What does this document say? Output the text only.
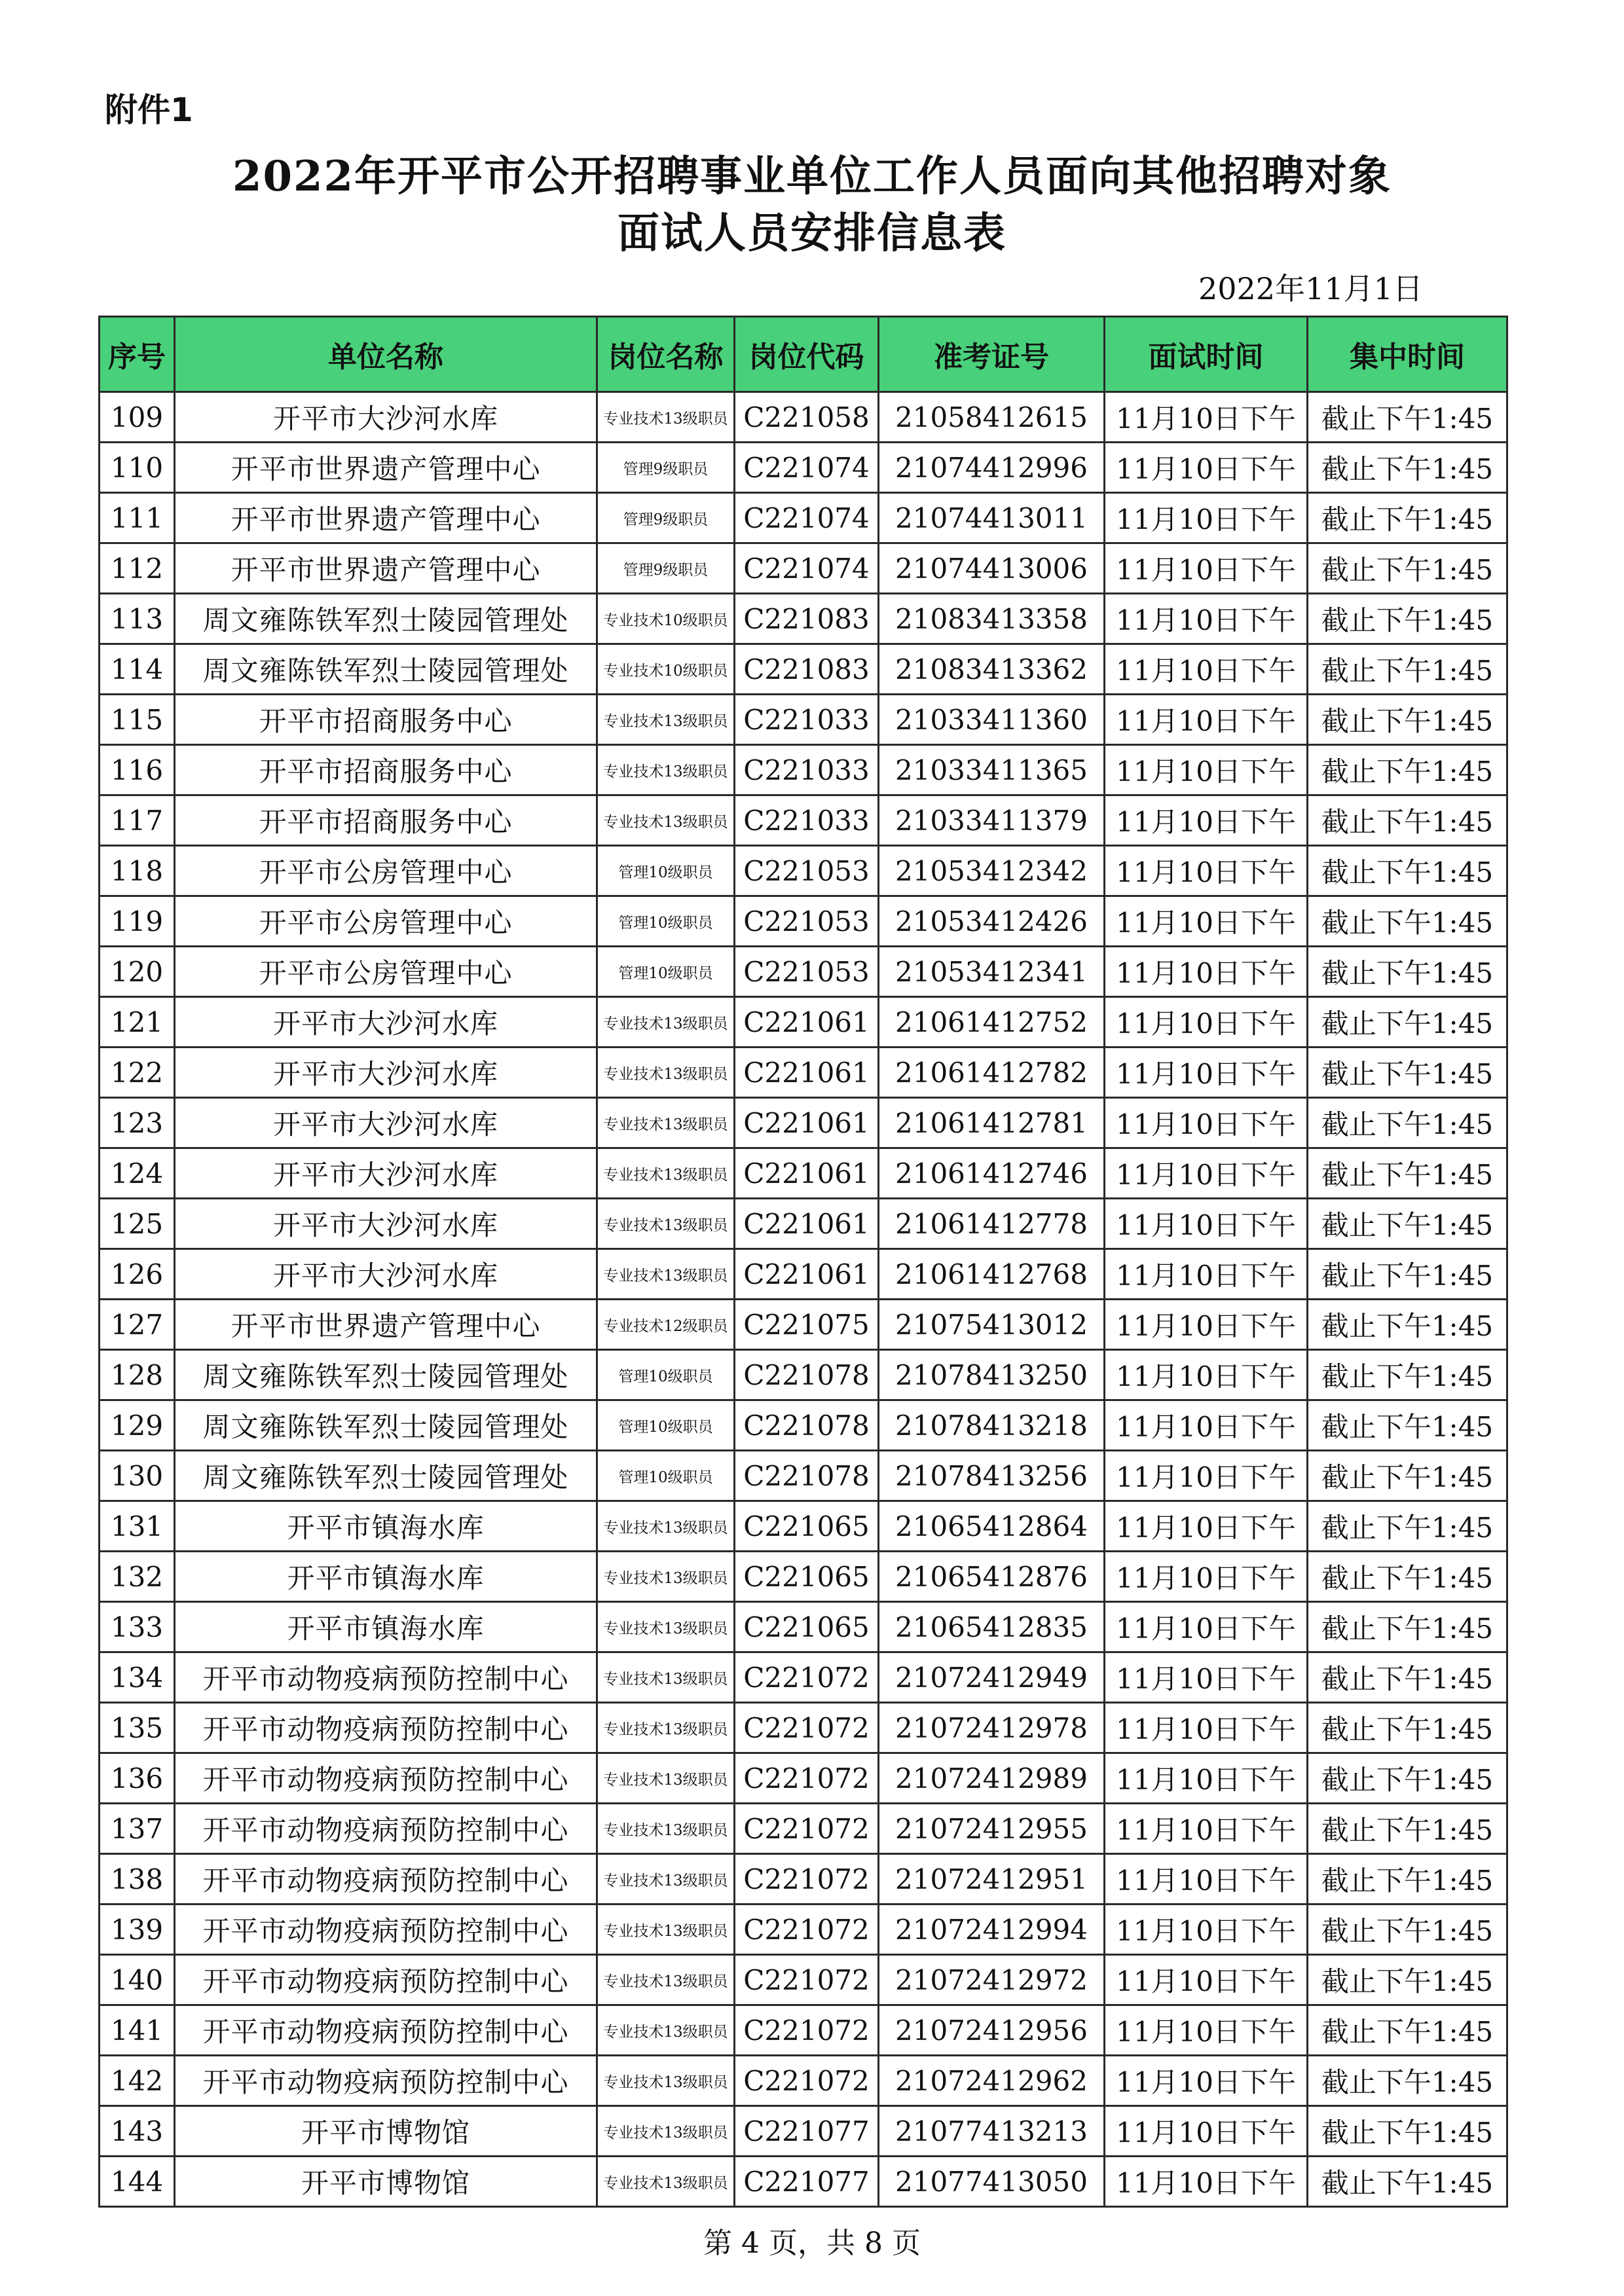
附件1
2022年开平市公开招聘事业单位工作人员面向其他招聘对象
面试人员安排信息表
2022年11月1日
序号	单位名称	岗位名称	岗位代码	准考证号	面试时间	集中时间
109	开平市大沙河水库	专业技术13级职员	C221058	21058412615	11月10日下午	截止下午1:45
110	开平市世界遗产管理中心	管理9级职员	C221074	21074412996	11月10日下午	截止下午1:45
111	开平市世界遗产管理中心	管理9级职员	C221074	21074413011	11月10日下午	截止下午1:45
112	开平市世界遗产管理中心	管理9级职员	C221074	21074413006	11月10日下午	截止下午1:45
113	周文雍陈铁军烈士陵园管理处	专业技术10级职员	C221083	21083413358	11月10日下午	截止下午1:45
114	周文雍陈铁军烈士陵园管理处	专业技术10级职员	C221083	21083413362	11月10日下午	截止下午1:45
115	开平市招商服务中心	专业技术13级职员	C221033	21033411360	11月10日下午	截止下午1:45
116	开平市招商服务中心	专业技术13级职员	C221033	21033411365	11月10日下午	截止下午1:45
117	开平市招商服务中心	专业技术13级职员	C221033	21033411379	11月10日下午	截止下午1:45
118	开平市公房管理中心	管理10级职员	C221053	21053412342	11月10日下午	截止下午1:45
119	开平市公房管理中心	管理10级职员	C221053	21053412426	11月10日下午	截止下午1:45
120	开平市公房管理中心	管理10级职员	C221053	21053412341	11月10日下午	截止下午1:45
121	开平市大沙河水库	专业技术13级职员	C221061	21061412752	11月10日下午	截止下午1:45
122	开平市大沙河水库	专业技术13级职员	C221061	21061412782	11月10日下午	截止下午1:45
123	开平市大沙河水库	专业技术13级职员	C221061	21061412781	11月10日下午	截止下午1:45
124	开平市大沙河水库	专业技术13级职员	C221061	21061412746	11月10日下午	截止下午1:45
125	开平市大沙河水库	专业技术13级职员	C221061	21061412778	11月10日下午	截止下午1:45
126	开平市大沙河水库	专业技术13级职员	C221061	21061412768	11月10日下午	截止下午1:45
127	开平市世界遗产管理中心	专业技术12级职员	C221075	21075413012	11月10日下午	截止下午1:45
128	周文雍陈铁军烈士陵园管理处	管理10级职员	C221078	21078413250	11月10日下午	截止下午1:45
129	周文雍陈铁军烈士陵园管理处	管理10级职员	C221078	21078413218	11月10日下午	截止下午1:45
130	周文雍陈铁军烈士陵园管理处	管理10级职员	C221078	21078413256	11月10日下午	截止下午1:45
131	开平市镇海水库	专业技术13级职员	C221065	21065412864	11月10日下午	截止下午1:45
132	开平市镇海水库	专业技术13级职员	C221065	21065412876	11月10日下午	截止下午1:45
133	开平市镇海水库	专业技术13级职员	C221065	21065412835	11月10日下午	截止下午1:45
134	开平市动物疫病预防控制中心	专业技术13级职员	C221072	21072412949	11月10日下午	截止下午1:45
135	开平市动物疫病预防控制中心	专业技术13级职员	C221072	21072412978	11月10日下午	截止下午1:45
136	开平市动物疫病预防控制中心	专业技术13级职员	C221072	21072412989	11月10日下午	截止下午1:45
137	开平市动物疫病预防控制中心	专业技术13级职员	C221072	21072412955	11月10日下午	截止下午1:45
138	开平市动物疫病预防控制中心	专业技术13级职员	C221072	21072412951	11月10日下午	截止下午1:45
139	开平市动物疫病预防控制中心	专业技术13级职员	C221072	21072412994	11月10日下午	截止下午1:45
140	开平市动物疫病预防控制中心	专业技术13级职员	C221072	21072412972	11月10日下午	截止下午1:45
141	开平市动物疫病预防控制中心	专业技术13级职员	C221072	21072412956	11月10日下午	截止下午1:45
142	开平市动物疫病预防控制中心	专业技术13级职员	C221072	21072412962	11月10日下午	截止下午1:45
143	开平市博物馆	专业技术13级职员	C221077	21077413213	11月10日下午	截止下午1:45
144	开平市博物馆	专业技术13级职员	C221077	21077413050	11月10日下午	截止下午1:45
第 4 页，共 8 页
